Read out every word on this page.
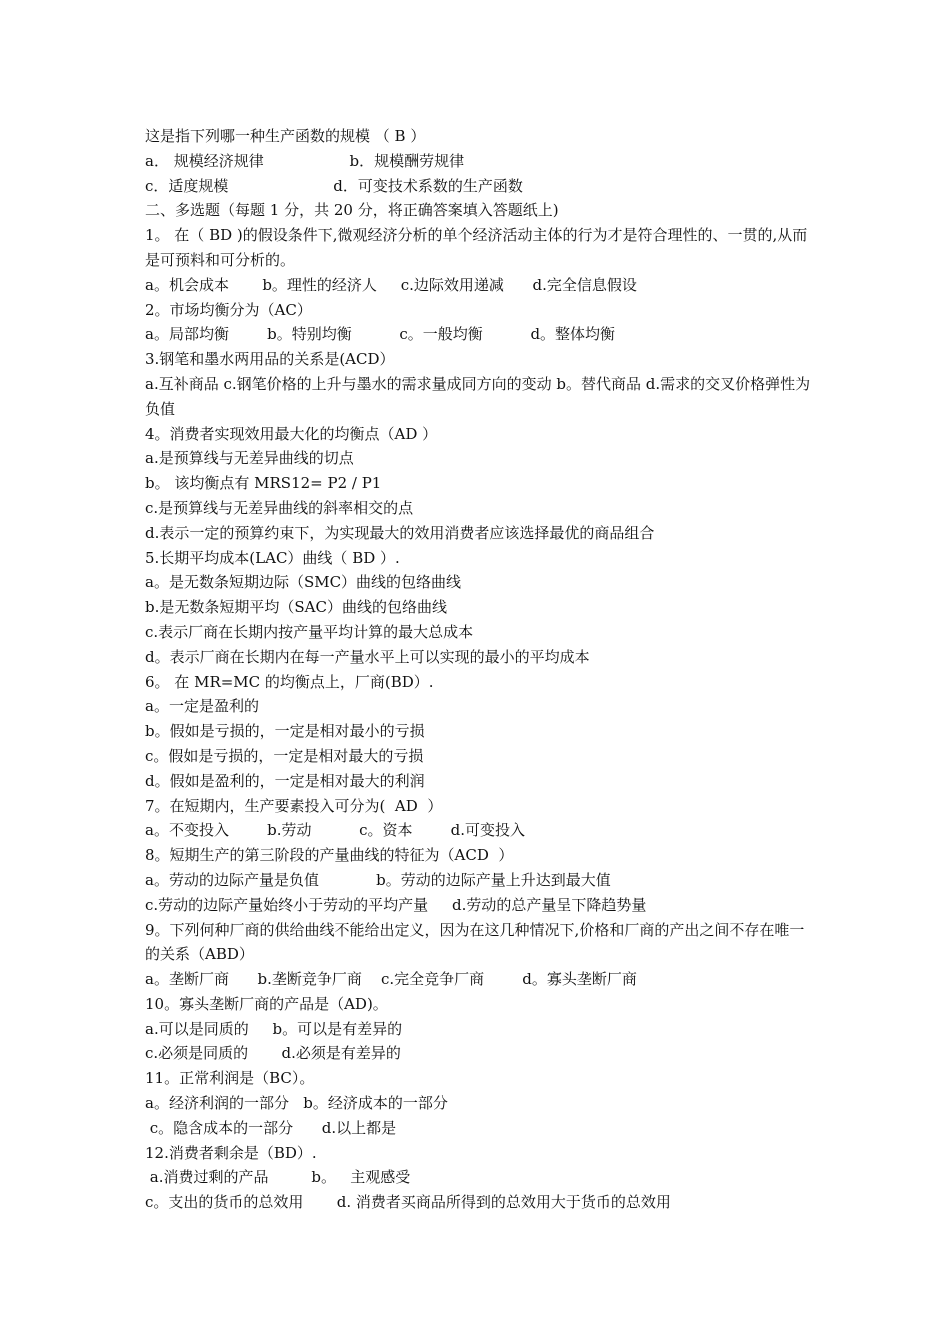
这是指下列哪一种生产函数的规模 （ B ）
a． 规模经济规律                  b．规模酬劳规律
c．适度规模                      d．可变技术系数的生产函数
二、多选题（每题 1 分，共 20 分，将正确答案填入答题纸上)
1。 在（ BD )的假设条件下,微观经济分析的单个经济活动主体的行为才是符合理性的、一贯的,从而是可预料和可分析的。
a。机会成本       b。理性的经济人     c.边际效用递减      d.完全信息假设
2。市场均衡分为（AC）
a。局部均衡        b。特别均衡          c。一般均衡          d。整体均衡
3.钢笔和墨水两用品的关系是(ACD）
a.互补商品 c.钢笔价格的上升与墨水的需求量成同方向的变动 b。替代商品 d.需求的交叉价格弹性为负值
4。消费者实现效用最大化的均衡点（AD ）
a.是预算线与无差异曲线的切点
b。 该均衡点有 MRS12= P2 / P1
c.是预算线与无差异曲线的斜率相交的点
d.表示一定的预算约束下，为实现最大的效用消费者应该选择最优的商品组合
5.长期平均成本(LAC）曲线（ BD ）.
a。是无数条短期边际（SMC）曲线的包络曲线
b.是无数条短期平均（SAC）曲线的包络曲线
c.表示厂商在长期内按产量平均计算的最大总成本
d。表示厂商在长期内在每一产量水平上可以实现的最小的平均成本
6。 在 MR=MC 的均衡点上，厂商(BD）.
a。一定是盈利的
b。假如是亏损的，一定是相对最小的亏损
c。假如是亏损的，一定是相对最大的亏损
d。假如是盈利的，一定是相对最大的利润
7。在短期内，生产要素投入可分为(  AD  ）
a。不变投入        b.劳动          c。资本        d.可变投入
8。短期生产的第三阶段的产量曲线的特征为（ACD  ）
a。劳动的边际产量是负值            b。劳动的边际产量上升达到最大值
c.劳动的边际产量始终小于劳动的平均产量     d.劳动的总产量呈下降趋势量
9。下列何种厂商的供给曲线不能给出定义，因为在这几种情况下,价格和厂商的产出之间不存在唯一的关系（ABD）
a。垄断厂商      b.垄断竞争厂商    c.完全竞争厂商        d。寡头垄断厂商
10。寡头垄断厂商的产品是（AD)。
a.可以是同质的     b。可以是有差异的
c.必须是同质的       d.必须是有差异的
11。正常利润是（BC）。
a。经济利润的一部分   b。经济成本的一部分
c。隐含成本的一部分      d.以上都是
12.消费者剩余是（BD）.
a.消费过剩的产品         b。   主观感受
c。支出的货币的总效用       d. 消费者买商品所得到的总效用大于货币的总效用
